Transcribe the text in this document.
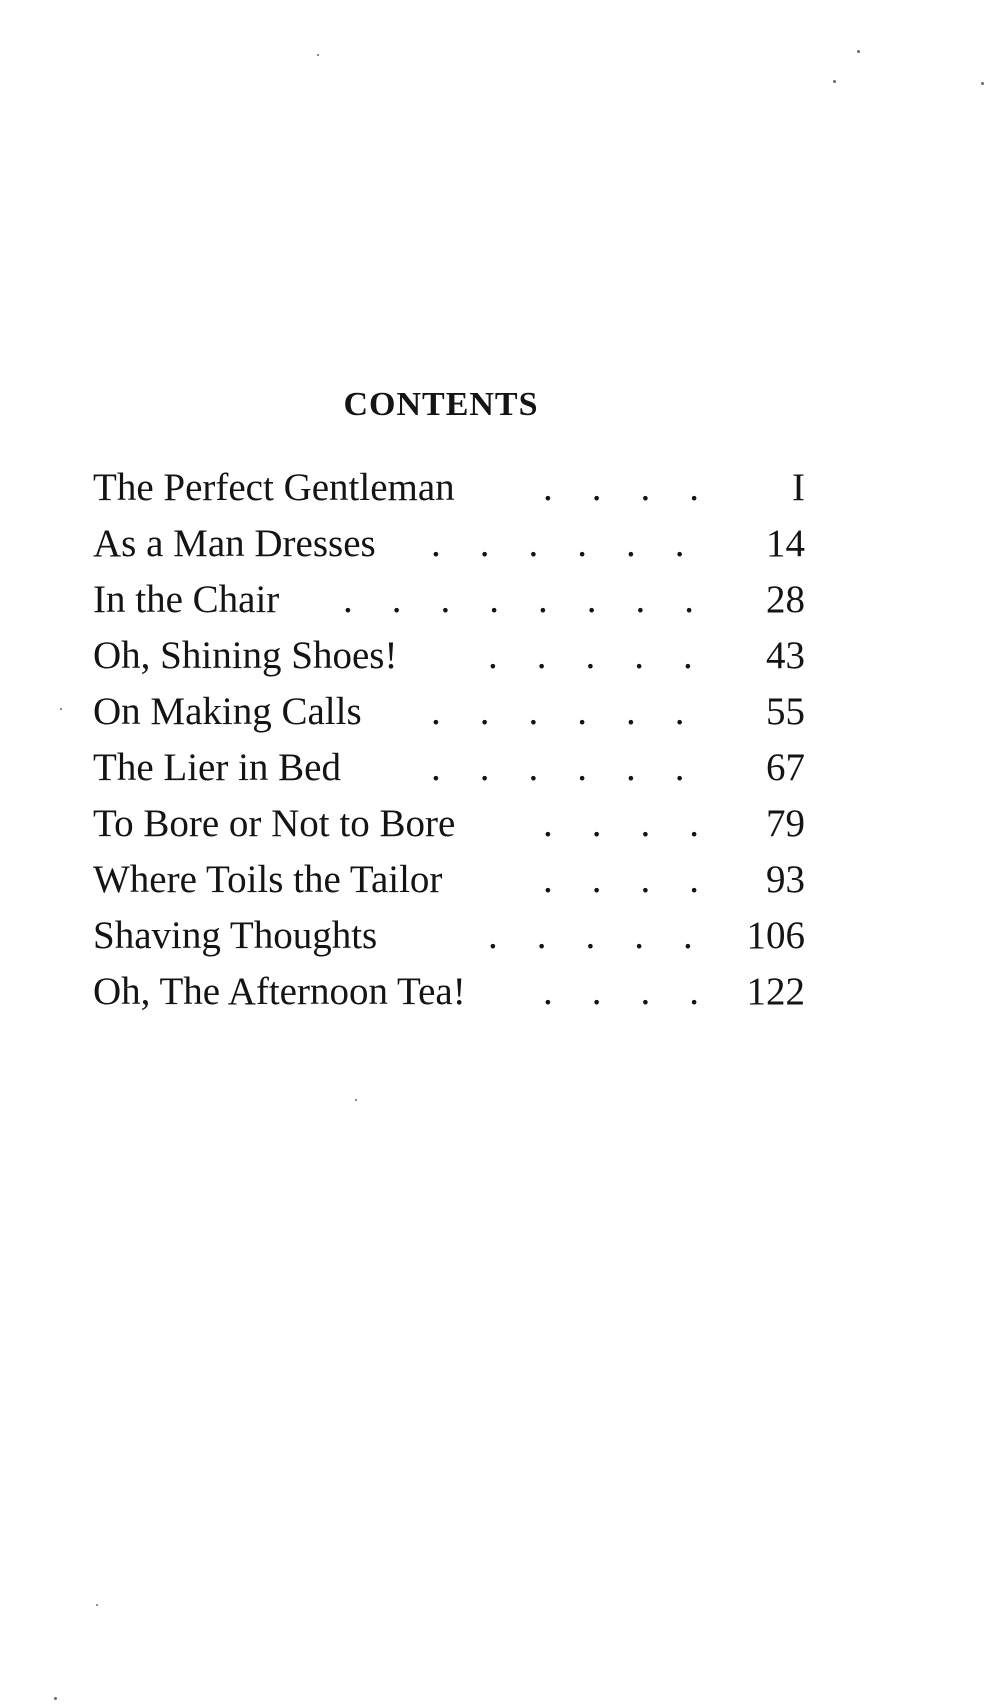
CONTENTS
The Perfect Gentleman .    .    .    .	I
As a Man Dresses .    .    .    .    .    .	14
In the Chair .    .    .    .    .    .    .    . 28
Oh, Shining Shoes! .    .    .    .    .	43
On Making Calls .    .    .    .    .    .	55
The Lier in Bed .    .    .    .    .    .	67
To Bore or Not to Bore .    .    .    .	79
Where Toils the Tailor	.    .    .    .	93
Shaving Thoughts	.    .    .    .    .	106
Oh, The Afternoon Tea! .    .    .    .	122
